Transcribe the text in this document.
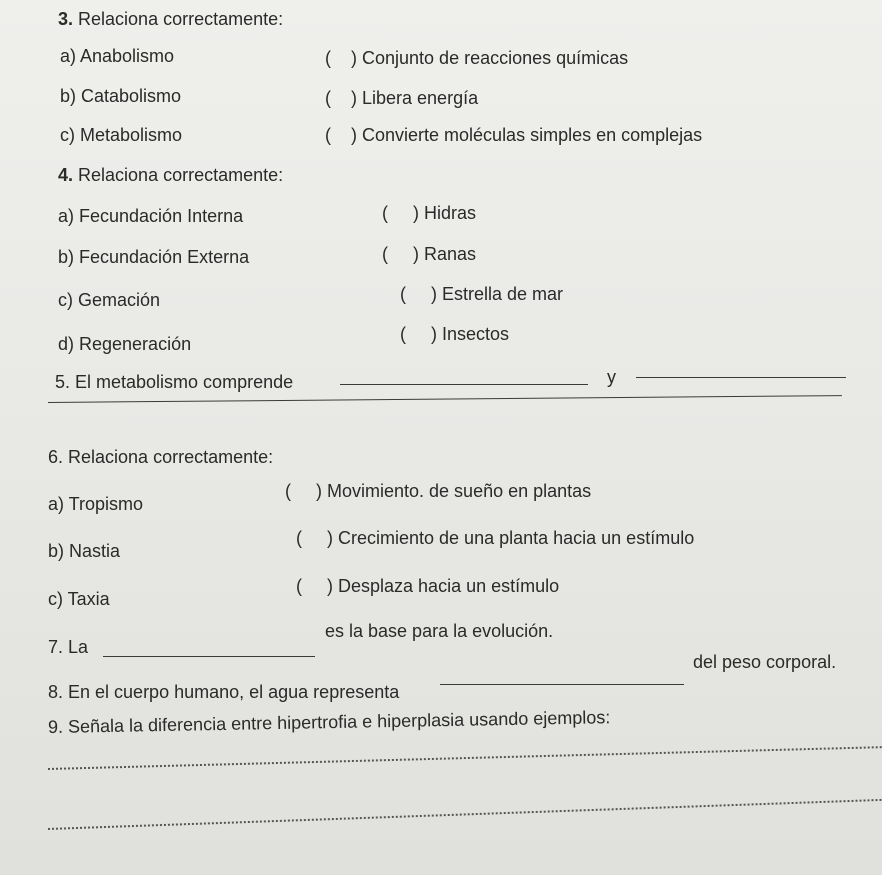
3. Relaciona correctamente:
a) Anabolismo
b) Catabolismo
c) Metabolismo
(    ) Conjunto de reacciones químicas
(    ) Libera energía
(    ) Convierte moléculas simples en complejas
4. Relaciona correctamente:
a) Fecundación Interna
b) Fecundación Externa
c) Gemación
d) Regeneración
(     ) Hidras
(     ) Ranas
(     ) Estrella de mar
(     ) Insectos
5. El metabolismo comprende	y
6. Relaciona correctamente:
a) Tropismo
b) Nastia
c) Taxia
(     ) Movimiento. de sueño en plantas
(     ) Crecimiento de una planta hacia un estímulo
(     ) Desplaza hacia un estímulo
7. La
es la base para la evolución.
8. En el cuerpo humano, el agua representa
del peso corporal.
9. Señala la diferencia entre hipertrofia e hiperplasia usando ejemplos:
